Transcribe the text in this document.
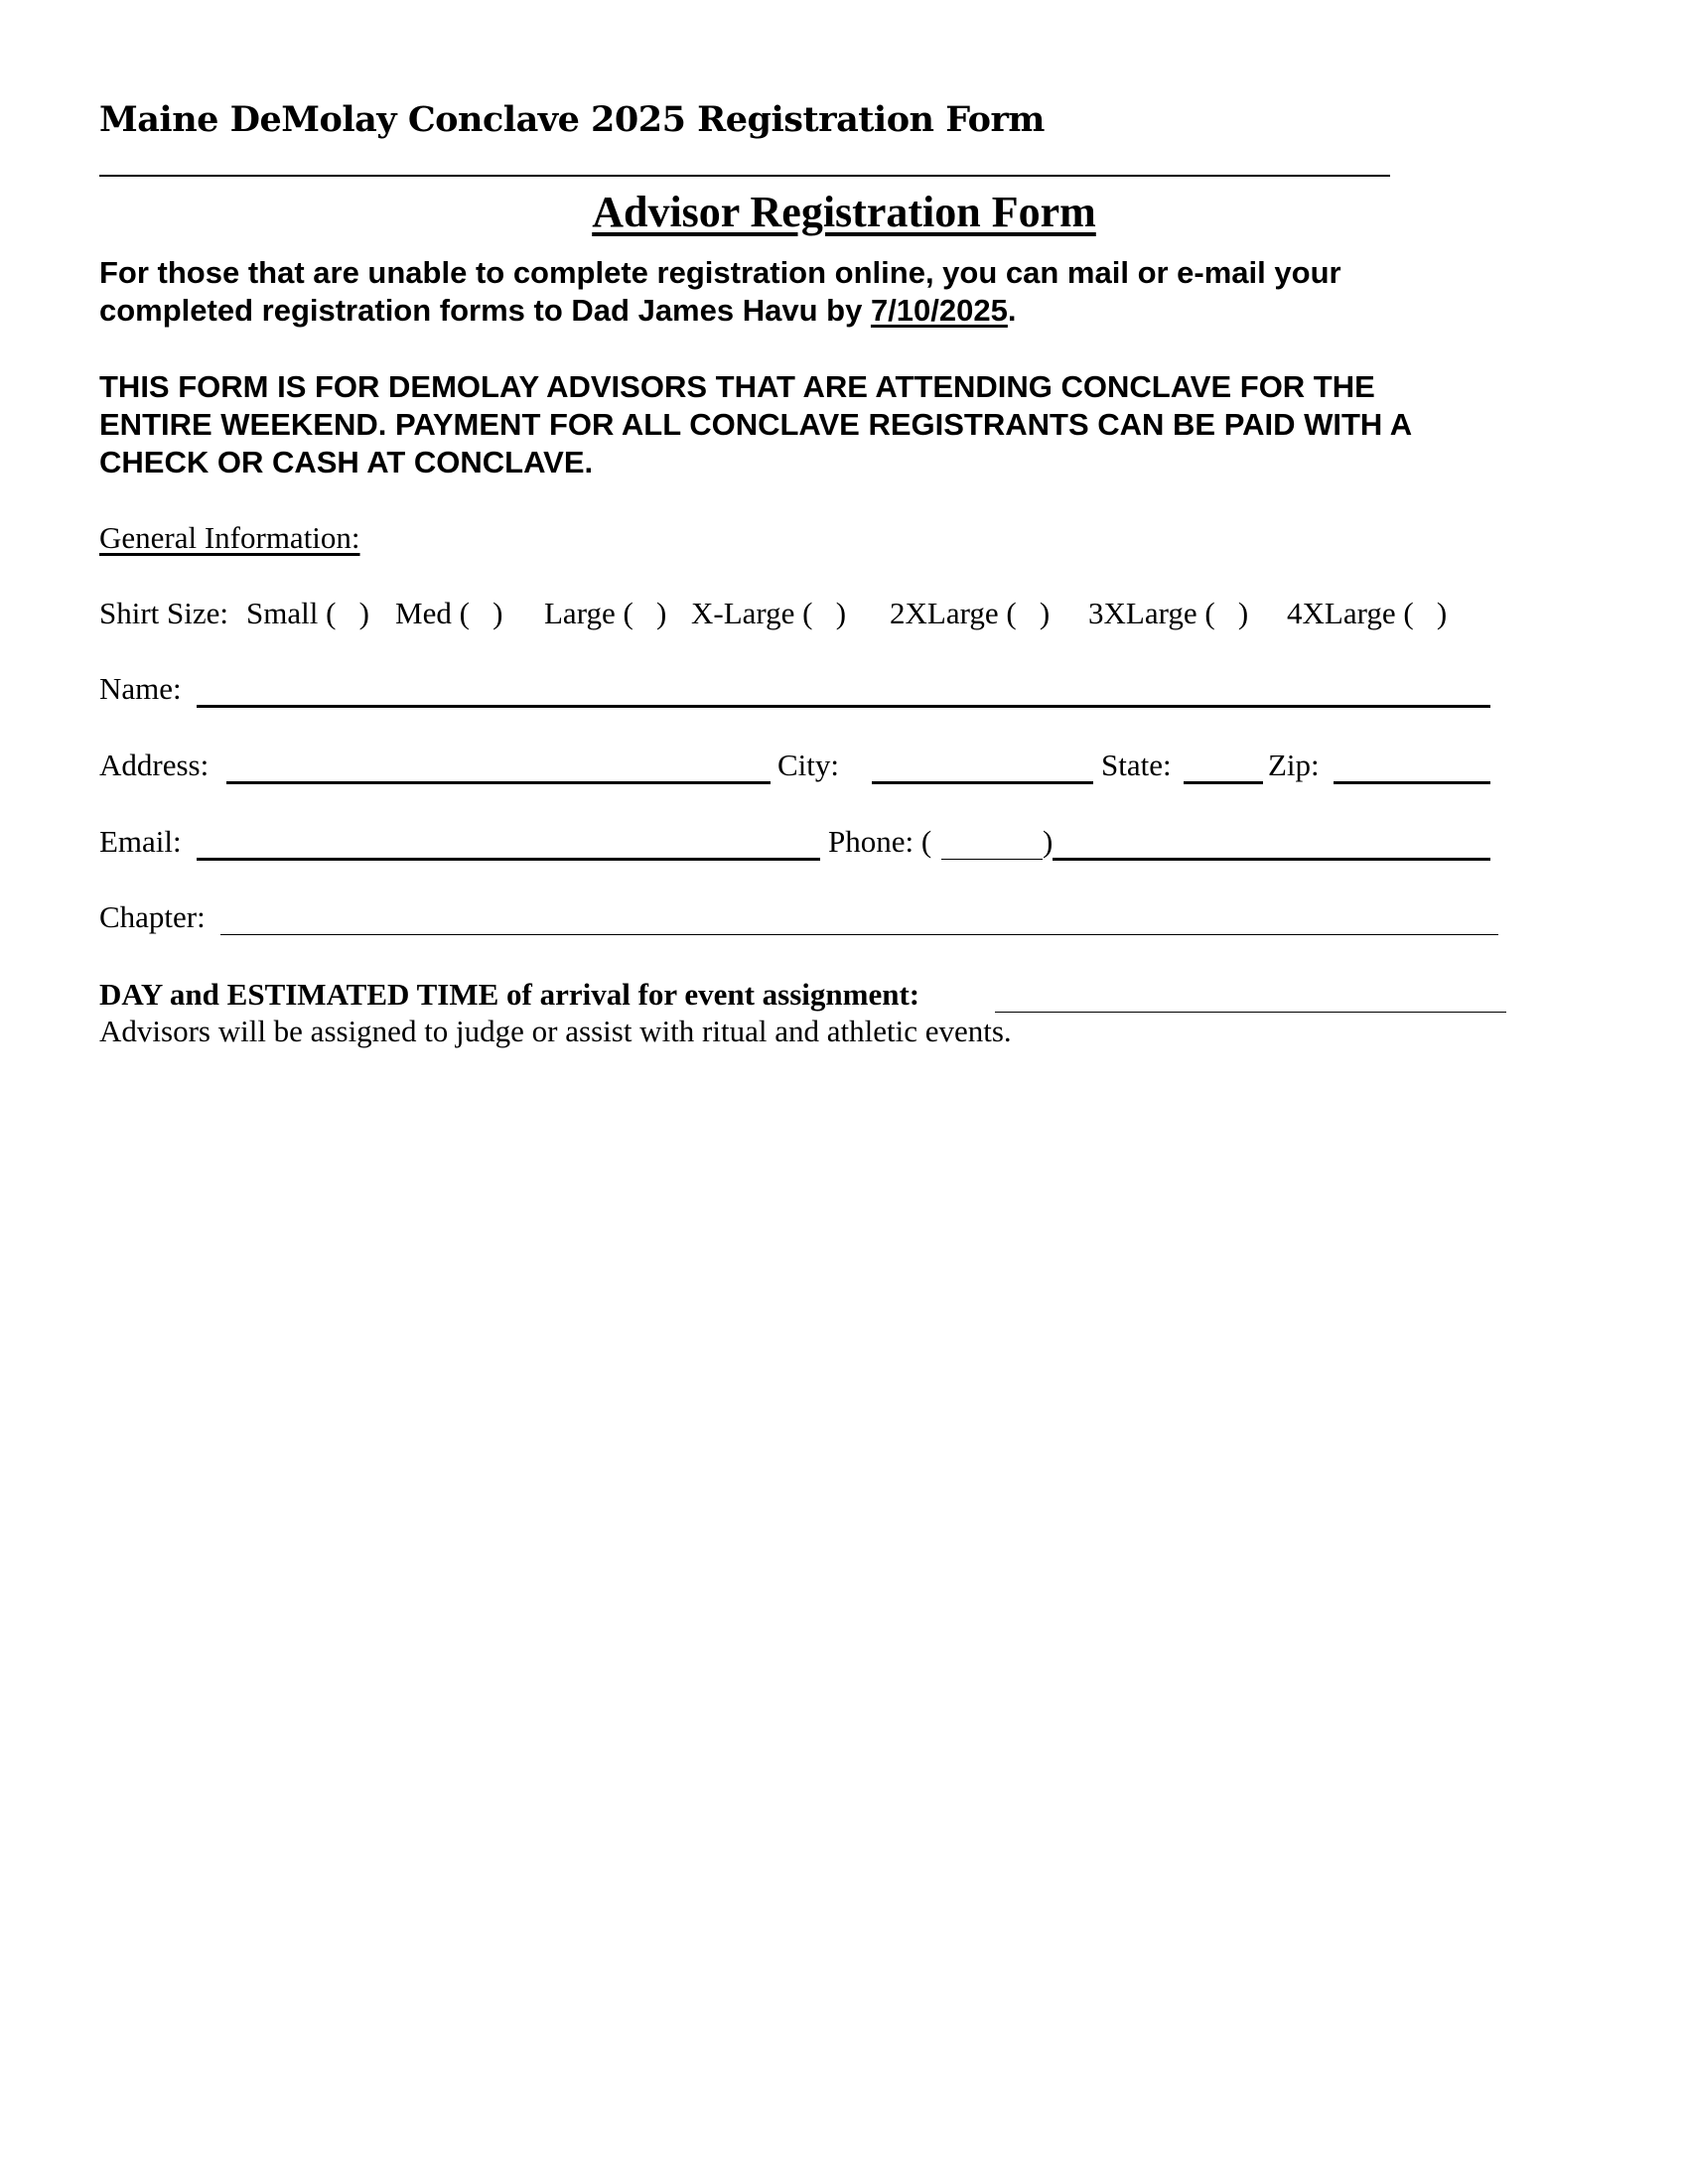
Maine DeMolay Conclave 2025 Registration Form
Advisor Registration Form
For those that are unable to complete registration online, you can mail or e-mail your
completed registration forms to Dad James Havu by 7/10/2025.
THIS FORM IS FOR DEMOLAY ADVISORS THAT ARE ATTENDING CONCLAVE FOR THE
ENTIRE WEEKEND. PAYMENT FOR ALL CONCLAVE REGISTRANTS CAN BE PAID WITH A
CHECK OR CASH AT CONCLAVE.
General Information:
Shirt Size: Small (   ) Med (   ) Large (   ) X-Large (   ) 2XLarge (   ) 3XLarge (   ) 4XLarge (   )
Name:
Address:	City:	State:	Zip:
Email:	Phone: (	)
Chapter:
DAY and ESTIMATED TIME of arrival for event assignment:
Advisors will be assigned to judge or assist with ritual and athletic events.
